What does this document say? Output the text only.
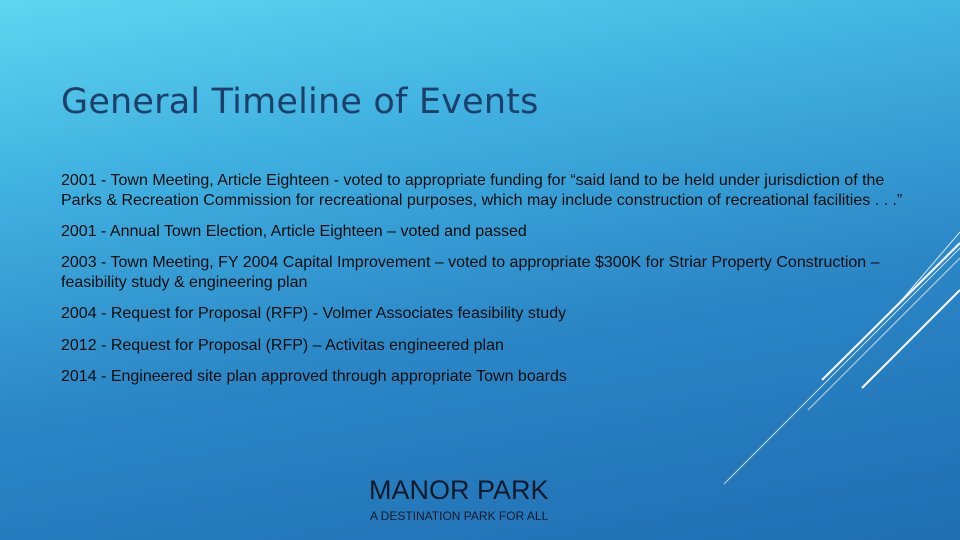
General Timeline of Events
2001 - Town Meeting, Article Eighteen - voted to appropriate funding for “said land to be held under jurisdiction of the Parks & Recreation Commission for recreational purposes, which may include construction of recreational facilities . . .”
2001 - Annual Town Election, Article Eighteen – voted and passed
2003 - Town Meeting, FY 2004 Capital Improvement – voted to appropriate $300K for Striar Property Construction – feasibility study & engineering plan
2004 - Request for Proposal (RFP) - Volmer Associates feasibility study
2012 - Request for Proposal (RFP) – Activitas engineered plan
2014 - Engineered site plan approved through appropriate Town boards
MANOR PARK
A DESTINATION PARK FOR ALL
